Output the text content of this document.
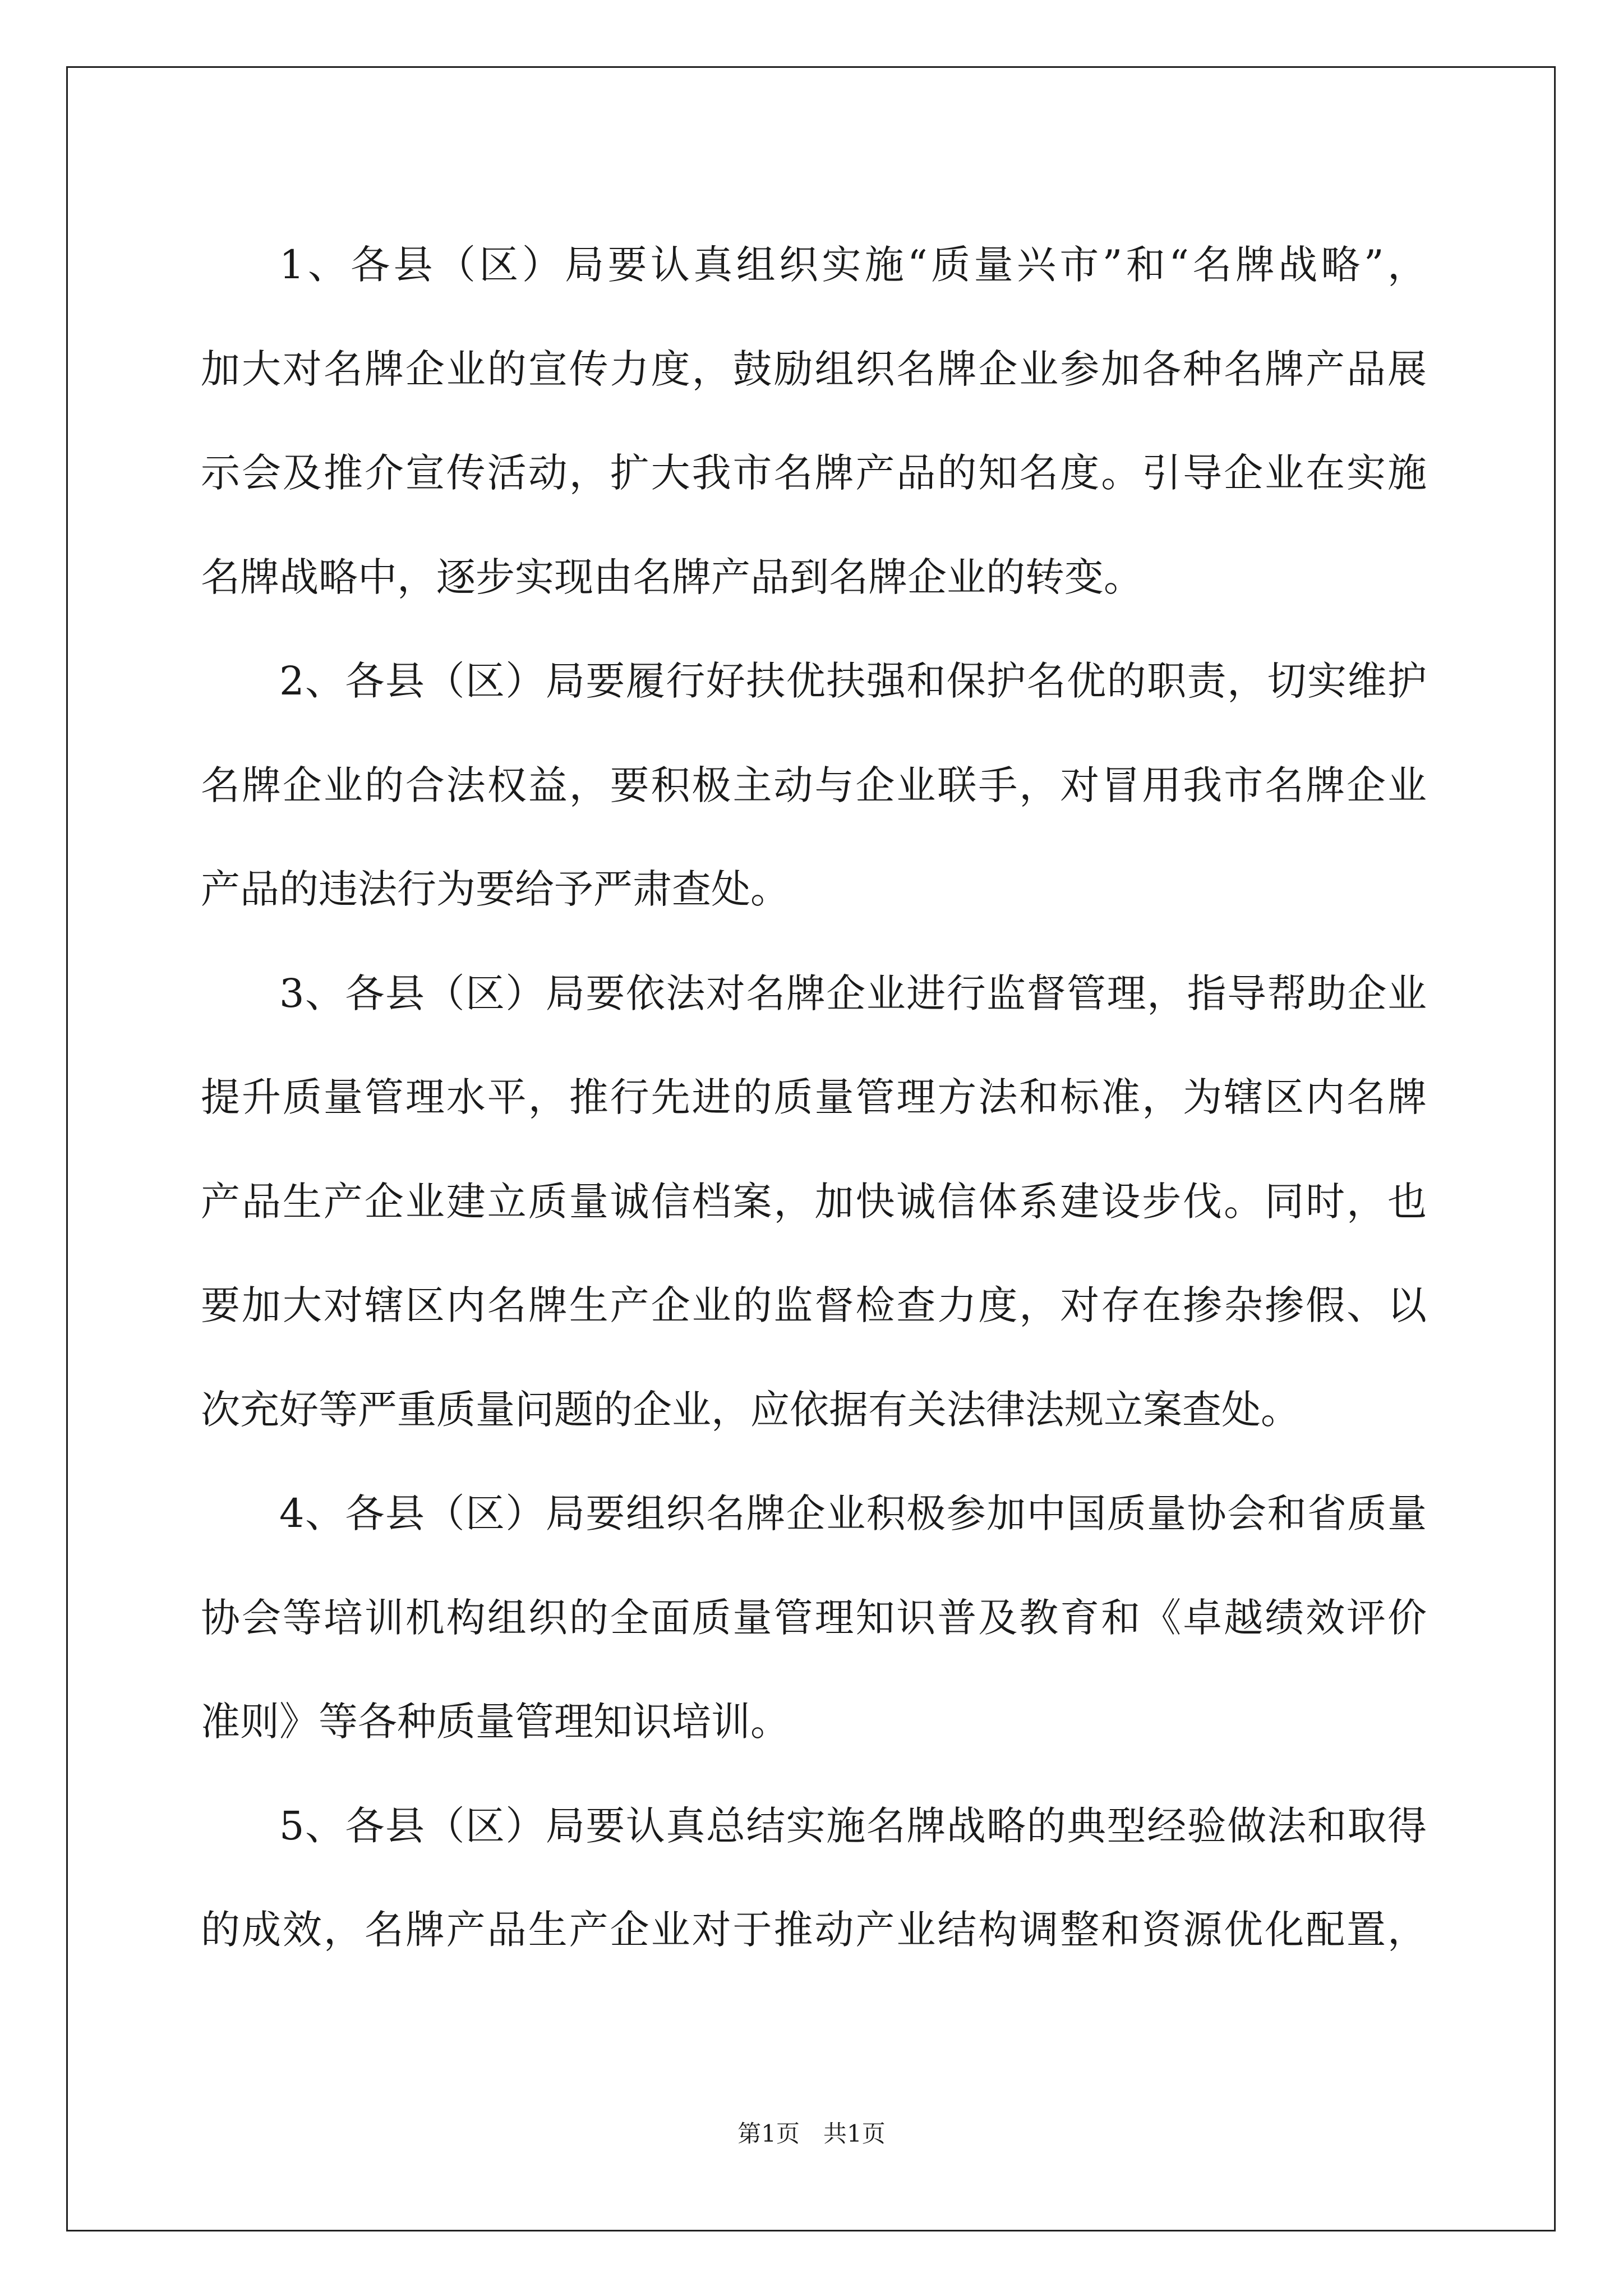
1、各县（区）局要认真组织实施“质量兴市”和“名牌战略”，
加大对名牌企业的宣传力度，鼓励组织名牌企业参加各种名牌产品展
示会及推介宣传活动，扩大我市名牌产品的知名度。引导企业在实施
名牌战略中，逐步实现由名牌产品到名牌企业的转变。
2、各县（区）局要履行好扶优扶强和保护名优的职责，切实维护
名牌企业的合法权益，要积极主动与企业联手，对冒用我市名牌企业
产品的违法行为要给予严肃查处。
3、各县（区）局要依法对名牌企业进行监督管理，指导帮助企业
提升质量管理水平，推行先进的质量管理方法和标准，为辖区内名牌
产品生产企业建立质量诚信档案，加快诚信体系建设步伐。同时，也
要加大对辖区内名牌生产企业的监督检查力度，对存在掺杂掺假、以
次充好等严重质量问题的企业，应依据有关法律法规立案查处。
4、各县（区）局要组织名牌企业积极参加中国质量协会和省质量
协会等培训机构组织的全面质量管理知识普及教育和《卓越绩效评价
准则》等各种质量管理知识培训。
5、各县（区）局要认真总结实施名牌战略的典型经验做法和取得
的成效，名牌产品生产企业对于推动产业结构调整和资源优化配置，
第1页　共1页
